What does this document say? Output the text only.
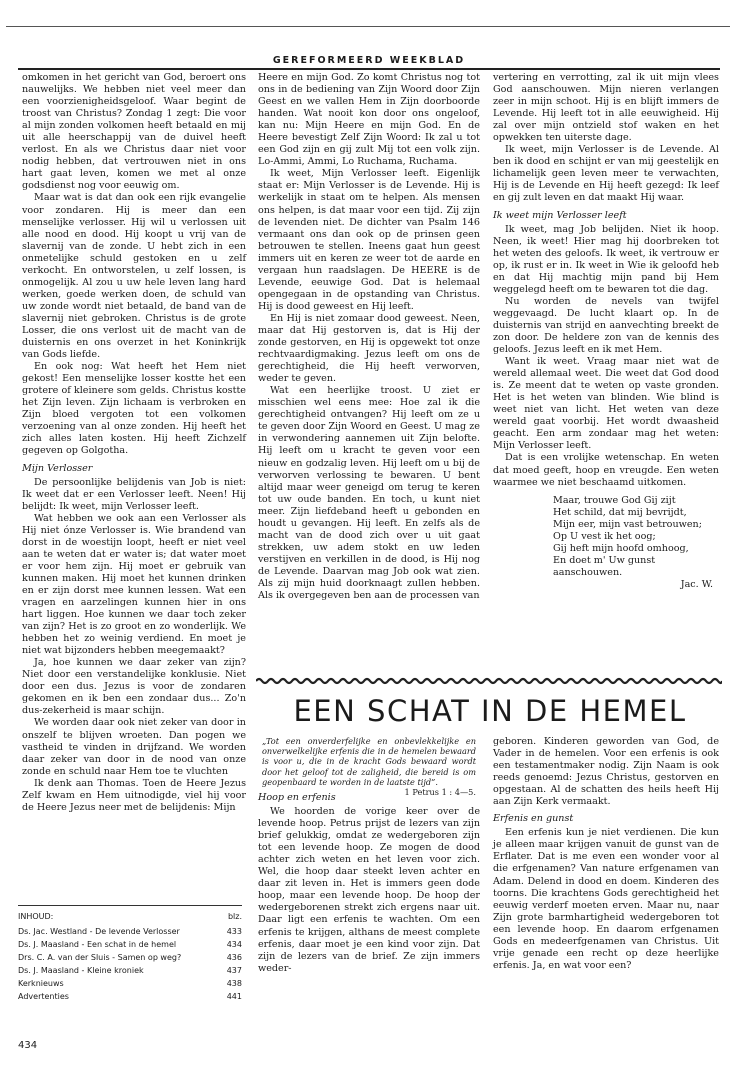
GEREFORMEERD WEEKBLAD

omkomen in het gericht van God, beroert ons nauwelijks. We hebben niet veel meer dan een voorzienigheidsgeloof. Waar begint de troost van Christus? Zondag 1 zegt: Die voor al mijn zonden volkomen heeft betaald en mij uit alle heerschappij van de duivel heeft verlost. En als we Christus daar niet voor nodig hebben, dat vertrouwen niet in ons hart gaat leven, komen we met al onze godsdienst nog voor eeuwig om.

Maar wat is dat dan ook een rijk evangelie voor zondaren. Hij is meer dan een menselijke verlosser. Hij wil u verlossen uit alle nood en dood. Hij koopt u vrij van de slavernij van de zonde. U hebt zich in een onmetelijke schuld gestoken en u zelf verkocht. En ontworstelen, u zelf lossen, is onmogelijk. Al zou u uw hele leven lang hard werken, goede werken doen, de schuld van uw zonde wordt niet betaald, de band van de slavernij niet gebroken. Christus is de grote Losser, die ons verlost uit de macht van de duisternis en ons overzet in het Koninkrijk van Gods liefde.

En ook nog: Wat heeft het Hem niet gekost! Een menselijke losser kostte het een grotere of kleinere som gelds. Christus kostte het Zijn leven. Zijn lichaam is verbroken en Zijn bloed vergoten tot een volkomen verzoening van al onze zonden. Hij heeft het zich alles laten kosten. Hij heeft Zichzelf gegeven op Golgotha.

Mijn Verlosser

De persoonlijke belijdenis van Job is niet: Ik weet dat er een Verlosser leeft. Neen! Hij belijdt: Ik weet, mijn Verlosser leeft.

Wat hebben we ook aan een Verlosser als Hij niet ónze Verlosser is. Wie brandend van dorst in de woestijn loopt, heeft er niet veel aan te weten dat er water is; dat water moet er voor hem zijn. Hij moet er gebruik van kunnen maken. Hij moet het kunnen drinken en er zijn dorst mee kunnen lessen. Wat een vragen en aarzelingen kunnen hier in ons hart liggen. Hoe kunnen we daar toch zeker van zijn? Het is zo groot en zo wonderlijk. We hebben het zo weinig verdiend. En moet je niet wat bijzonders hebben meegemaakt?

Ja, hoe kunnen we daar zeker van zijn? Niet door een verstandelijke konklusie. Niet door een dus. Jezus is voor de zondaren gekomen en ik ben een zondaar dus... Zo'n dus-zekerheid is maar schijn.

We worden daar ook niet zeker van door in onszelf te blijven wroeten. Dan pogen we vastheid te vinden in drijfzand. We worden daar zeker van door in de nood van onze zonde en schuld naar Hem toe te vluchten

Ik denk aan Thomas. Toen de Heere Jezus Zelf kwam en Hem uitnodigde, viel hij voor de Heere Jezus neer met de belijdenis: Mijn

Heere en mijn God. Zo komt Christus nog tot ons in de bediening van Zijn Woord door Zijn Geest en we vallen Hem in Zijn doorboorde handen. Wat nooit kon door ons ongeloof, kan nu: Mijn Heere en mijn God. En de Heere bevestigt Zelf Zijn Woord: Ik zal u tot een God zijn en gij zult Mij tot een volk zijn. Lo-Ammi, Ammi, Lo Ruchama, Ruchama.

Ik weet, Mijn Verlosser leeft. Eigenlijk staat er: Mijn Verlosser is de Levende. Hij is werkelijk in staat om te helpen. Als mensen ons helpen, is dat maar voor een tijd. Zij zijn de levenden niet. De dichter van Psalm 146 vermaant ons dan ook op de prinsen geen betrouwen te stellen. Ineens gaat hun geest immers uit en keren ze weer tot de aarde en vergaan hun raadslagen. De HEERE is de Levende, eeuwige God. Dat is helemaal opengegaan in de opstanding van Christus. Hij is dood geweest en Hij leeft.

En Hij is niet zomaar dood geweest. Neen, maar dat Hij gestorven is, dat is Hij der zonde gestorven, en Hij is opgewekt tot onze rechtvaardigmaking. Jezus leeft om ons de gerechtigheid, die Hij heeft verworven, weder te geven.

Wat een heerlijke troost. U ziet er misschien wel eens mee: Hoe zal ik die gerechtigheid ontvangen? Hij leeft om ze u te geven door Zijn Woord en Geest. U mag ze in verwondering aannemen uit Zijn belofte. Hij leeft om u kracht te geven voor een nieuw en godzalig leven. Hij leeft om u bij de verworven verlossing te bewaren. U bent altijd maar weer geneigd om terug te keren tot uw oude banden. En toch, u kunt niet meer. Zijn liefdeband heeft u gebonden en houdt u gevangen. Hij leeft. En zelfs als de macht van de dood zich over u uit gaat strekken, uw adem stokt en uw leden verstijven en verkillen in de dood, is Hij nog de Levende. Daarvan mag Job ook wat zien. Als zij mijn huid doorknaagt zullen hebben. Als ik overgegeven ben aan de processen van

vertering en verrotting, zal ik uit mijn vlees God aanschouwen. Mijn nieren verlangen zeer in mijn schoot. Hij is en blijft immers de Levende. Hij leeft tot in alle eeuwigheid. Hij zal over mijn ontzield stof waken en het opwekken ten uiterste dage.

Ik weet, mijn Verlosser is de Levende. Al ben ik dood en schijnt er van mij geestelijk en lichamelijk geen leven meer te verwachten, Hij is de Levende en Hij heeft gezegd: Ik leef en gij zult leven en dat maakt Hij waar.

Ik weet mijn Verlosser leeft

Ik weet, mag Job belijden. Niet ik hoop. Neen, ik weet! Hier mag hij doorbreken tot het weten des geloofs. Ik weet, ik vertrouw er op, ik rust er in. Ik weet in Wie ik geloofd heb en dat Hij machtig mijn pand bij Hem weggelegd heeft om te bewaren tot die dag.

Nu worden de nevels van twijfel weggevaagd. De lucht klaart op. In de duisternis van strijd en aanvechting breekt de zon door. De heldere zon van de kennis des geloofs. Jezus leeft en ik met Hem.

Want ik weet. Vraag maar niet wat de wereld allemaal weet. Die weet dat God dood is. Ze meent dat te weten op vaste gronden. Het is het weten van blinden. Wie blind is weet niet van licht. Het weten van deze wereld gaat voorbij. Het wordt dwaasheid geacht. Een arm zondaar mag het weten: Mijn Verlosser leeft.

Dat is een vrolijke wetenschap. En weten dat moed geeft, hoop en vreugde. Een weten waarmee we niet beschaamd uitkomen.

Maar, trouwe God Gij zijt
Het schild, dat mij bevrijdt,
Mijn eer, mijn vast betrouwen;
Op U vest ik het oog;
Gij heft mijn hoofd omhoog,
En doet m' Uw gunst aanschouwen.
Jac. W.
EEN SCHAT IN DE HEMEL
„Tot een onverderfelijke en onbevlekkelijke en onverwelkelijke erfenis die in de hemelen bewaard is voor u, die in de kracht Gods bewaard wordt door het geloof tot de zaligheid, die bereid is om geopenbaard te worden in de laatste tijd”.
1 Petrus 1 : 4—5.

Hoop en erfenis

We hoorden de vorige keer over de levende hoop. Petrus prijst de lezers van zijn brief gelukkig, omdat ze wedergeboren zijn tot een levende hoop. Ze mogen de dood achter zich weten en het leven voor zich. Wel, die hoop daar steekt leven achter en daar zit leven in. Het is immers geen dode hoop, maar een levende hoop. De hoop der wedergeborenen strekt zich ergens naar uit. Daar ligt een erfenis te wachten. Om een erfenis te krijgen, althans de meest complete erfenis, daar moet je een kind voor zijn. Dat zijn de lezers van de brief. Ze zijn immers weder-

geboren. Kinderen geworden van God, de Vader in de hemelen. Voor een erfenis is ook een testamentmaker nodig. Zijn Naam is ook reeds genoemd: Jezus Christus, gestorven en opgestaan. Al de schatten des heils heeft Hij aan Zijn Kerk vermaakt.

Erfenis en gunst

Een erfenis kun je niet verdienen. Die kun je alleen maar krijgen vanuit de gunst van de Erflater. Dat is me even een wonder voor al die erfgenamen? Van nature erfgenamen van Adam. Delend in dood en doem. Kinderen des toorns. Die krachtens Gods gerechtigheid het eeuwig verderf moeten erven. Maar nu, naar Zijn grote barmhartigheid wedergeboren tot een levende hoop. En daarom erfgenamen Gods en medeerfgenamen van Christus. Uit vrije genade een recht op deze heerlijke erfenis. Ja, en wat voor een?

INHOUD:	blz.
Ds. Jac. Westland - De levende Verlosser	433
Ds. J. Maasland - Een schat in de hemel	434
Drs. C. A. van der Sluis - Samen op weg?	436
Ds. J. Maasland - Kleine kroniek	437
Kerknieuws	438
Advertenties	441
434
